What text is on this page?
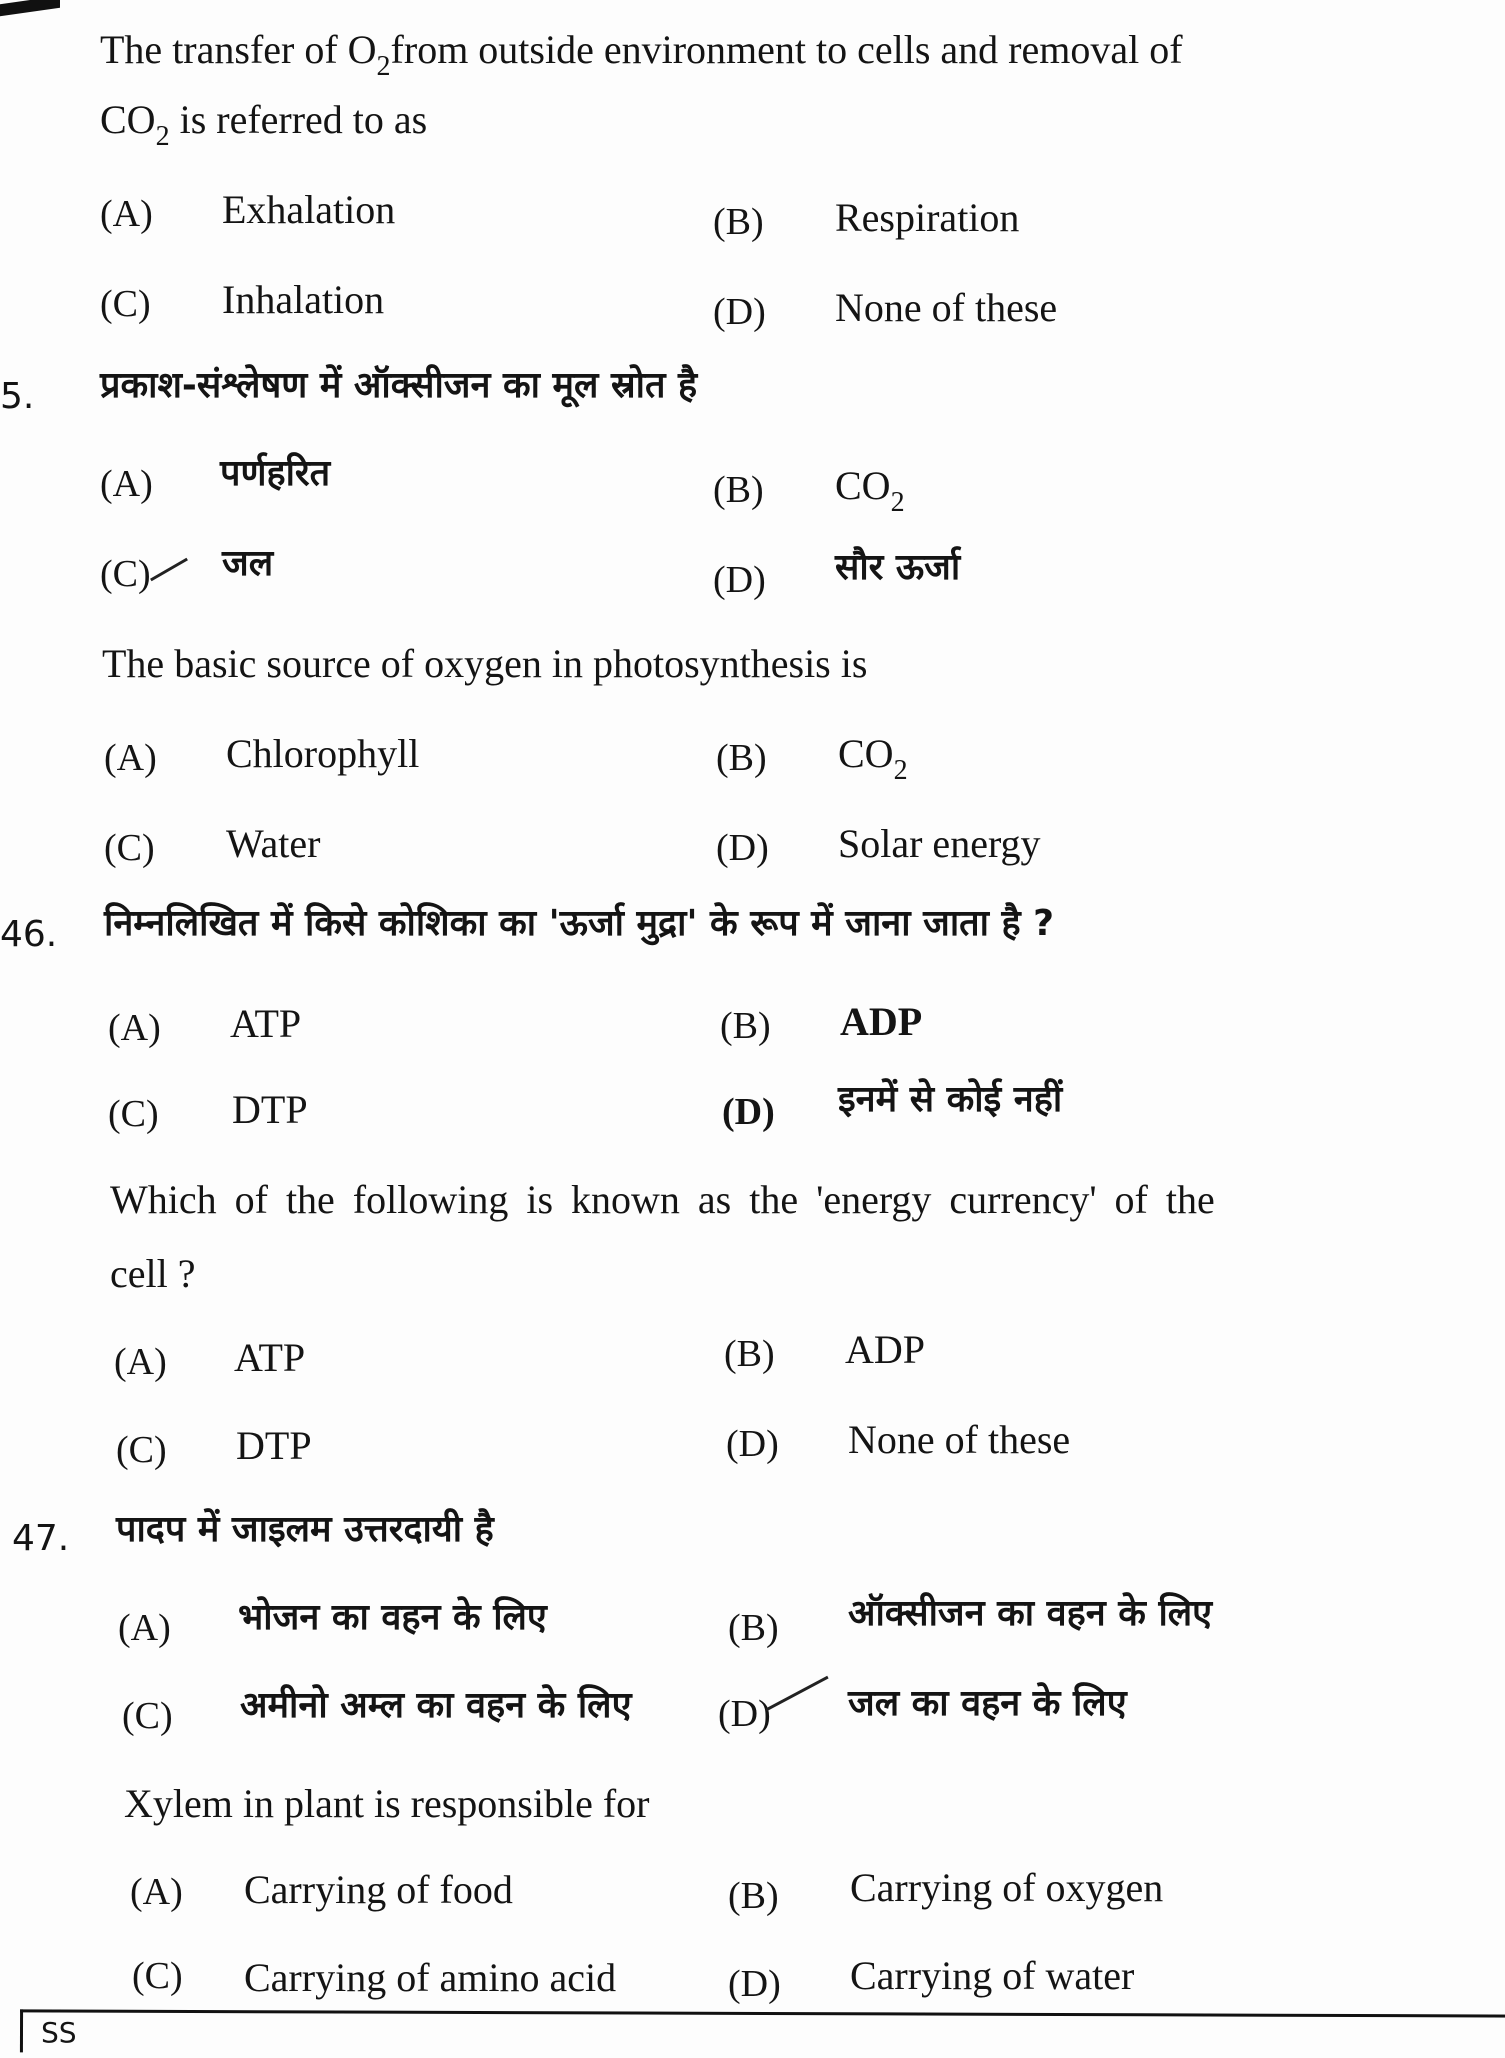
The transfer of $O_2from$ outside environment to cells and removal of
$CO_2$ is referred to as
(A) Exhalation	(B) Respiration
(C) Inhalation	(D) None of these
5. प्रकाश-संश्लेषण में ऑक्सीजन का मूल स्रोत है
(A) पर्णहरित	(B) $CO_2$
(C) जल	(D) सौर ऊर्जा
The basic source of oxygen in photosynthesis is
(A) Chlorophyll	(B) $CO_2$
(C) Water	(D) Solar energy
46. निम्नलिखित में किसे कोशिका का 'ऊर्जा मुद्रा' के रूप में जाना जाता है ?
(A) ATP	(B) ADP
(C) DTP	(D) इनमें से कोई नहीं
Which of the following is known as the 'energy currency' of the
cell ?
(A) ATP	(B) ADP
(C) DTP	(D) None of these
47. पादप में जाइलम उत्तरदायी है
(A) भोजन का वहन के लिए	(B) ऑक्सीजन का वहन के लिए
(C) अमीनो अम्ल का वहन के लिए (D) जल का वहन के लिए
Xylem in plant is responsible for
(A) Carrying of food	(B) Carrying of oxygen
(C) Carrying of amino acid	(D) Carrying of water
SS
